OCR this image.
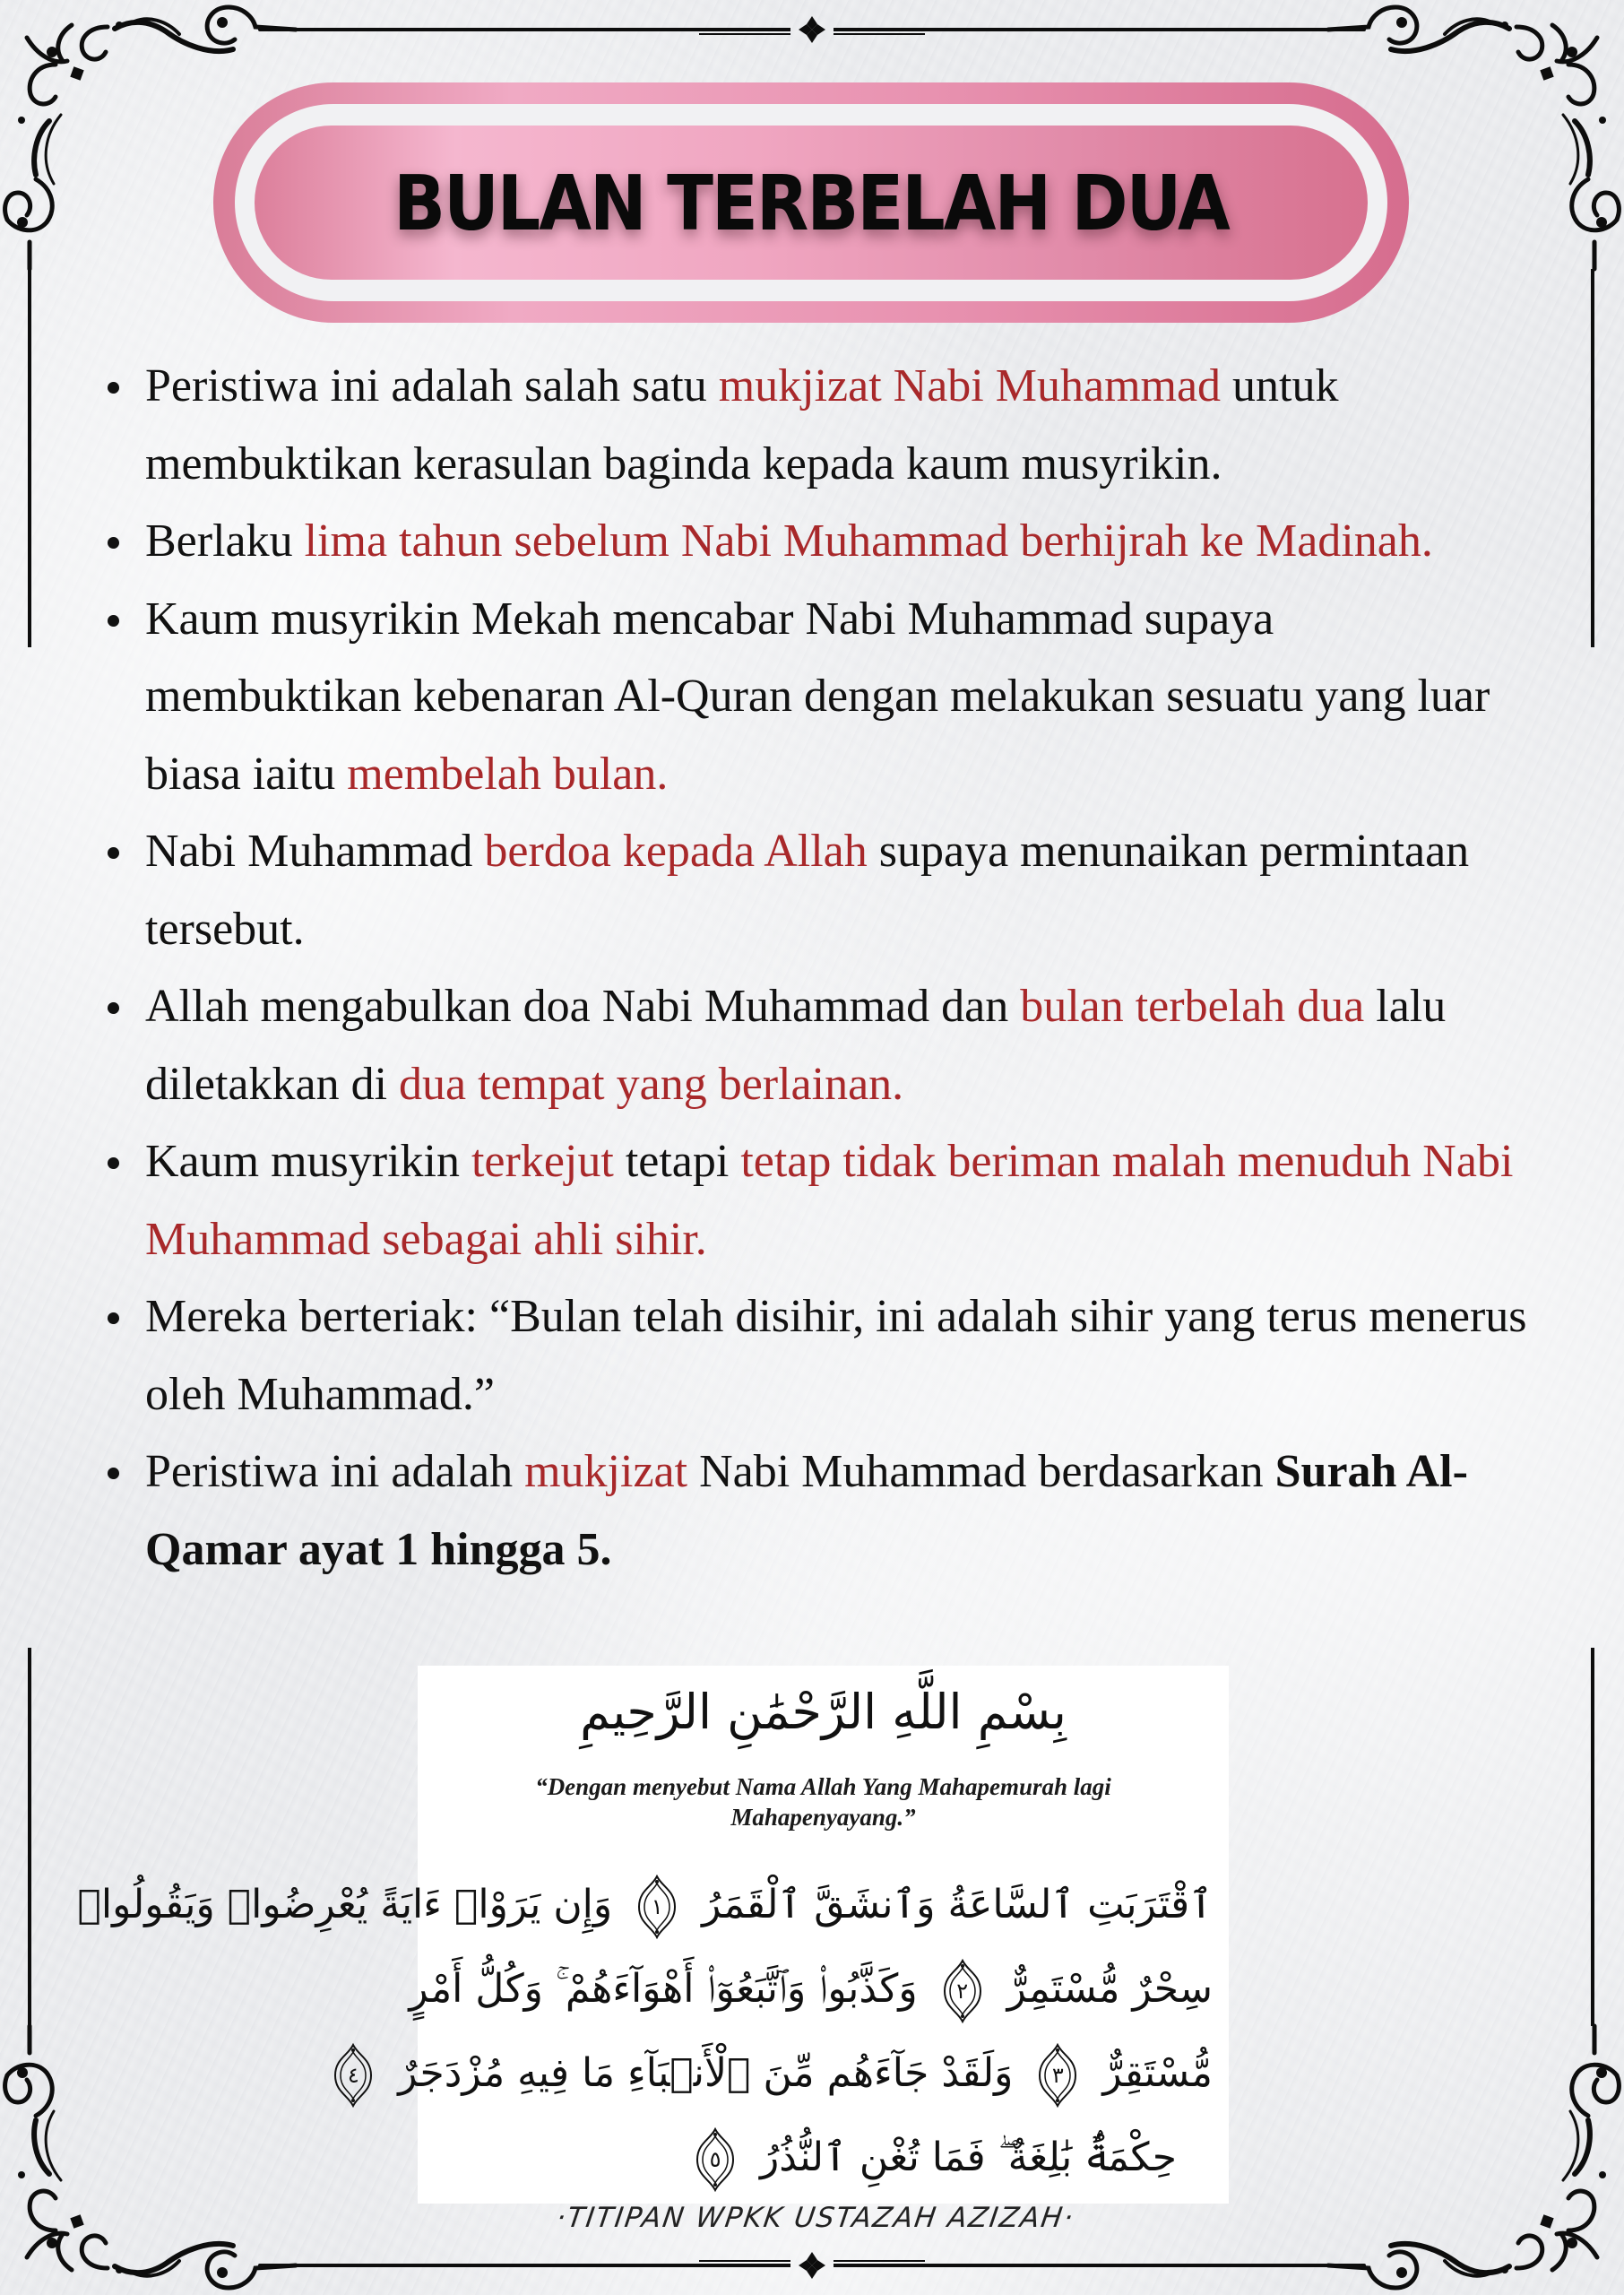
BULAN TERBELAH DUA
Peristiwa ini adalah salah satu mukjizat Nabi Muhammad untuk membuktikan kerasulan baginda kepada kaum musyrikin.
Berlaku lima tahun sebelum Nabi Muhammad berhijrah ke Madinah.
Kaum musyrikin Mekah mencabar Nabi Muhammad supaya membuktikan kebenaran Al-Quran dengan melakukan sesuatu yang luar biasa iaitu membelah bulan.
Nabi Muhammad berdoa kepada Allah supaya menunaikan permintaan tersebut.
Allah mengabulkan doa Nabi Muhammad dan bulan terbelah dua lalu diletakkan di dua tempat yang berlainan.
Kaum musyrikin terkejut tetapi tetap tidak beriman malah menuduh Nabi Muhammad sebagai ahli sihir.
Mereka berteriak: “Bulan telah disihir, ini adalah sihir yang terus menerus oleh Muhammad.”
Peristiwa ini adalah mukjizat Nabi Muhammad berdasarkan Surah Al-Qamar ayat 1 hingga 5.
بِسْمِ اللَّهِ الرَّحْمَٰنِ الرَّحِيمِ
“Dengan menyebut Nama Allah Yang Mahapemurah lagi Mahapenyayang.”
ٱقْتَرَبَتِ ٱلسَّاعَةُ وَٱنشَقَّ ٱلْقَمَرُ
١
وَإِن يَرَوْا۟ ءَايَةً يُعْرِضُوا۟ وَيَقُولُوا۟
سِحْرٌ مُّسْتَمِرٌّ
٢
وَكَذَّبُوا۟ وَٱتَّبَعُوٓا۟ أَهْوَآءَهُمْ ۚ وَكُلُّ أَمْرٍ
مُّسْتَقِرٌّ
٣
وَلَقَدْ جَآءَهُم مِّنَ ٱلْأَنۢبَآءِ مَا فِيهِ مُزْدَجَرٌ
٤
حِكْمَةٌۢ بَٰلِغَةٌ ۖ فَمَا تُغْنِ ٱلنُّذُرُ
٥
·TITIPAN WPKK USTAZAH AZIZAH·
